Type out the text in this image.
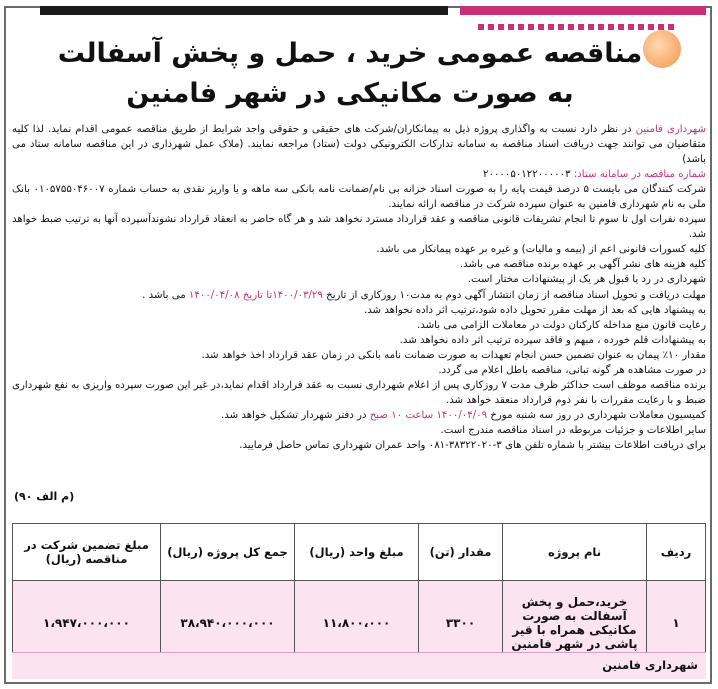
مناقصه عمومی خرید ، حمل و پخش آسفالت
به صورت مکانیکی در شهر فامنین

شهرداری فامنین در نظر دارد نسبت به واگذاری پروژه ذیل به پیمانکاران/شرکت های حقیقی و حقوقی واجد شرایط از طریق مناقصه عمومی اقدام نماید. لذا کلیه متقاضیان می توانند جهت دریافت اسناد مناقصه به سامانه تدارکات الکترونیکی دولت (ستاد) مراجعه نمایند. (ملاک عمل شهرداری در این مناقصه سامانه ستاد می باشد)

شماره مناقصه در سامانه ستاد: ۲۰۰۰۰۵۰۱۲۲۰۰۰۰۰۳

شرکت کنندگان می بایست ۵ درصد قیمت پایه را به صورت اسناد خزانه بی نام/ضمانت نامه بانکی سه ماهه و یا واریز نقدی به حساب شماره ۰۱۰۵۷۵۵۰۴۶۰۰۷ بانک ملی به نام شهرداری فامنین به عنوان سپرده شرکت در مناقصه ارائه نمایند.

سپرده نفرات اول تا سوم تا انجام تشریفات قانونی مناقصه و عقد قرارداد مسترد نخواهد شد و هر گاه حاضر به انعقاد قرارداد نشوندآسپرده آنها به ترتیب ضبط خواهد شد.

کلیه کسورات قانونی اعم از (بیمه و مالیات) و غیره بر عهده پیمانکار می باشد.

کلیه هزینه های نشر آگهی بر عهده برنده مناقصه می باشد.

شهرداری در رد یا قبول هر یک از پیشنهادات مختار است.

مهلت دریافت و تحویل اسناد مناقصه از زمان انتشار آگهی دوم به مدت۱۰ روزکاری از تاریخ ۱۴۰۰/۰۳/۲۹تا تاریخ ۱۴۰۰/۰۴/۰۸ می باشد .

به پیشنهاد هایی که بعد از مهلت مقرر تحویل داده شود،ترتیب اثر داده نخواهد شد.

رعایت قانون منع مداخله کارکنان دولت در معاملات الزامی می باشد.

به پیشنهادات قلم خورده ، مبهم و فاقد سپرده ترتیب اثر داده نخواهد شد.

مقدار ۱۰٪ پیمان به عنوان تضمین حسن انجام تعهدات به صورت ضمانت نامه بانکی در زمان عقد قرارداد اخذ خواهد شد.

در صورت مشاهده هر گونه تبانی، مناقصه باطل اعلام می گردد.

برنده مناقصه موظف است حداکثر ظرف مدت ۷ روزکاری پس از اعلام شهرداری نسبت به عقد قرارداد اقدام نماید،در غیر این صورت سپرده واریزی به نفع شهرداری ضبط و با رعایت مقررات با نفر دوم قرارداد منعقد خواهد شد.

کمیسیون معاملات شهرداری در روز سه شنبه مورخ ۱۴۰۰/۰۴/۰۹ ساعت ۱۰ صبح در دفتر شهردار تشکیل خواهد شد.

سایر اطلاعات و جزئیات مربوطه در اسناد مناقصه مندرج است.

برای دریافت اطلاعات بیشتر با شماره تلفن های ۳-۳۸۳۲۲۰۲۰-۰۸۱ واحد عمران شهرداری تماس حاصل فرمایید.

(م الف ۹۰)
ردیف	نام پروژه	مقدار (تن)	مبلغ واحد (ریال)	جمع کل پروژه (ریال)	مبلغ تضمین شرکت در مناقصه (ریال)
۱	خرید،حمل و پخش آسفالت به صورت مکانیکی همراه با قیر پاشی در شهر فامنین	۳۳۰۰	۱۱،۸۰۰،۰۰۰	۳۸،۹۴۰،۰۰۰،۰۰۰	۱،۹۴۷،۰۰۰،۰۰۰
شهرداری فامنین
